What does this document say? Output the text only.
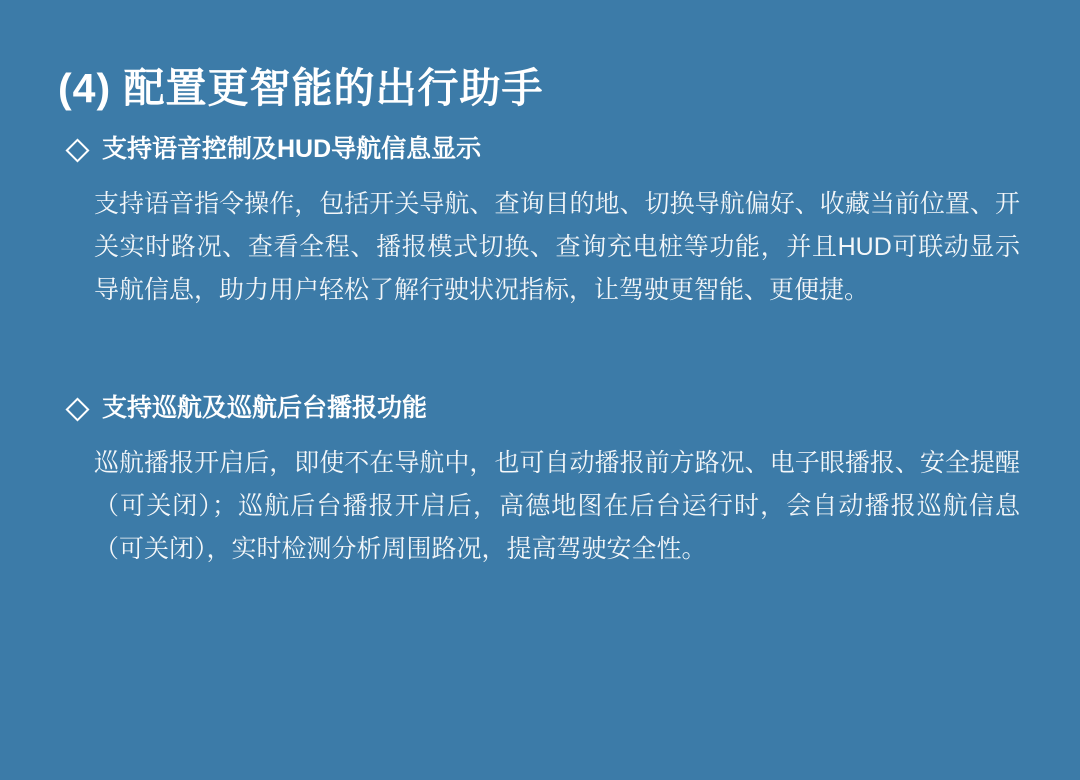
(4) 配置更智能的出行助手
支持语音控制及HUD导航信息显示

支持语音指令操作，包括开关导航、查询目的地、切换导航偏好、收藏当前位置、开关实时路况、查看全程、播报模式切换、查询充电桩等功能，并且HUD可联动显示导航信息，助力用户轻松了解行驶状况指标，让驾驶更智能、更便捷。

支持巡航及巡航后台播报功能

巡航播报开启后，即使不在导航中，也可自动播报前方路况、电子眼播报、安全提醒（可关闭）；巡航后台播报开启后，高德地图在后台运行时，会自动播报巡航信息（可关闭），实时检测分析周围路况，提高驾驶安全性。
